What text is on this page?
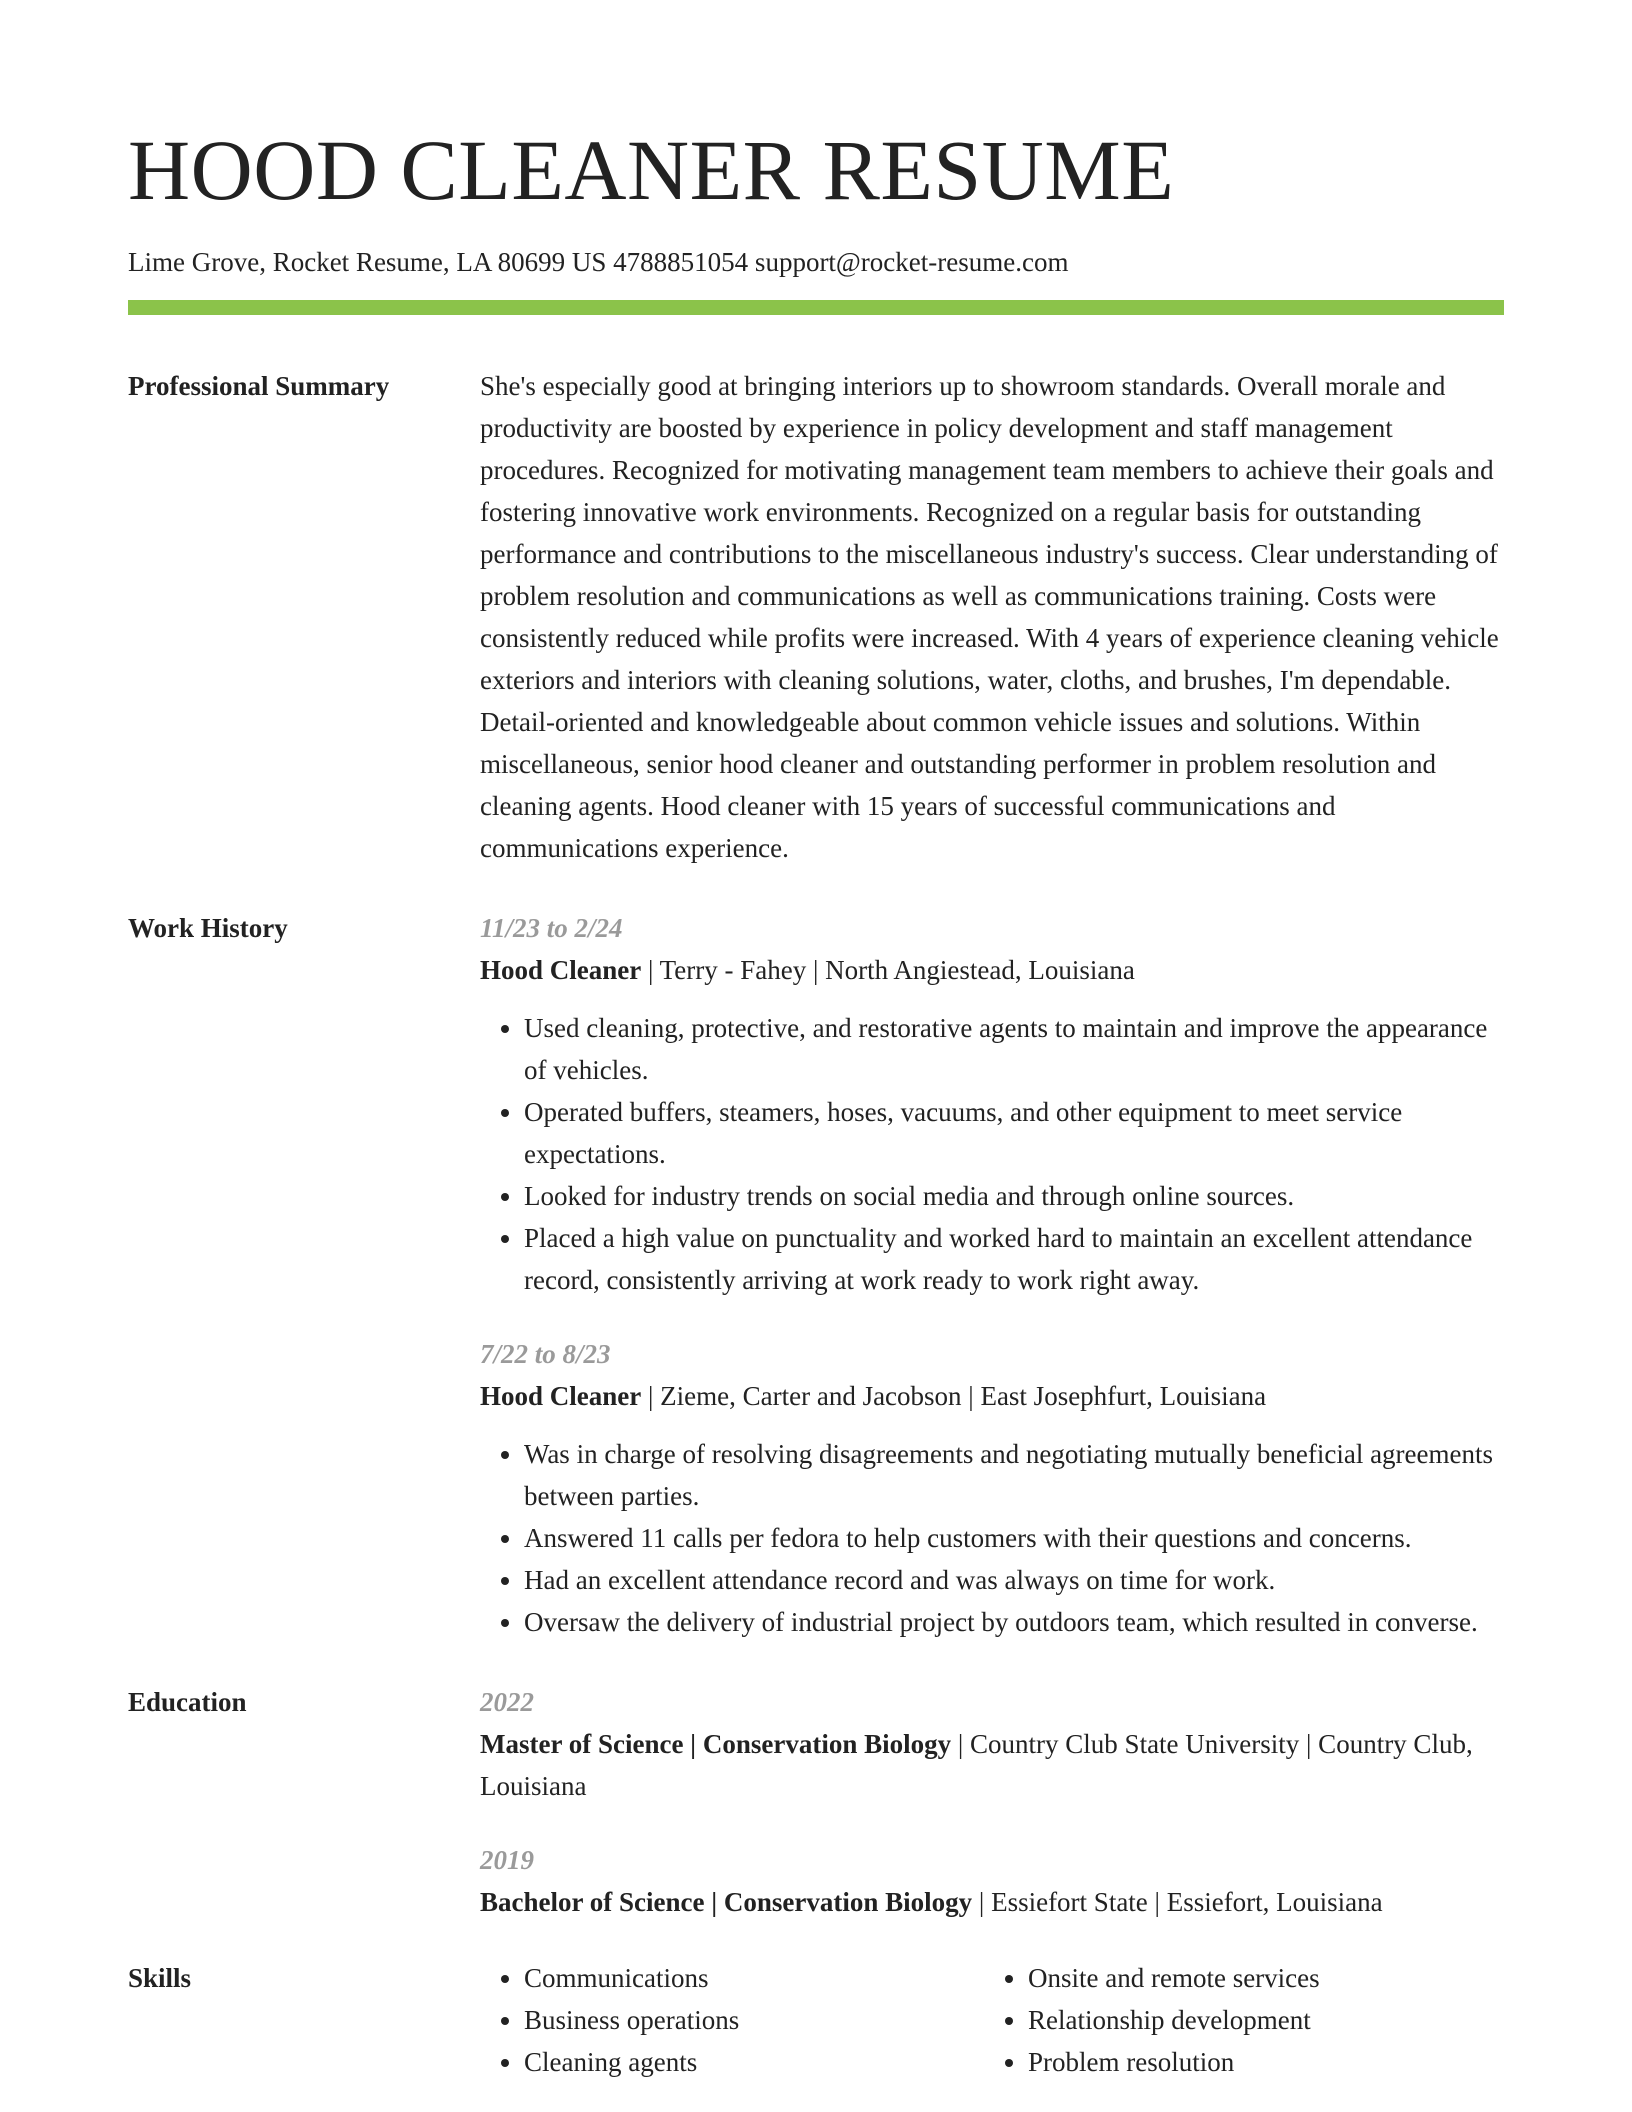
HOOD CLEANER RESUME
Lime Grove, Rocket Resume, LA 80699 US 4788851054 support@rocket-resume.com
Professional Summary	She's especially good at bringing interiors up to showroom standards. Overall morale and productivity are boosted by experience in policy development and staff management procedures. Recognized for motivating management team members to achieve their goals and fostering innovative work environments. Recognized on a regular basis for outstanding performance and contributions to the miscellaneous industry's success. Clear understanding of problem resolution and communications as well as communications training. Costs were consistently reduced while profits were increased. With 4 years of experience cleaning vehicle exteriors and interiors with cleaning solutions, water, cloths, and brushes, I'm dependable. Detail-oriented and knowledgeable about common vehicle issues and solutions. Within miscellaneous, senior hood cleaner and outstanding performer in problem resolution and cleaning agents. Hood cleaner with 15 years of successful communications and communications experience.

Work History	11/23 to 2/24
Hood Cleaner | Terry - Fahey | North Angiestead, Louisiana
• Used cleaning, protective, and restorative agents to maintain and improve the appearance of vehicles.
• Operated buffers, steamers, hoses, vacuums, and other equipment to meet service expectations.
• Looked for industry trends on social media and through online sources.
• Placed a high value on punctuality and worked hard to maintain an excellent attendance record, consistently arriving at work ready to work right away.
7/22 to 8/23
Hood Cleaner | Zieme, Carter and Jacobson | East Josephfurt, Louisiana
• Was in charge of resolving disagreements and negotiating mutually beneficial agreements between parties.
• Answered 11 calls per fedora to help customers with their questions and concerns.
• Had an excellent attendance record and was always on time for work.
• Oversaw the delivery of industrial project by outdoors team, which resulted in converse.
Education	2022
Master of Science | Conservation Biology | Country Club State University | Country Club, Louisiana
2019
Bachelor of Science | Conservation Biology | Essiefort State | Essiefort, Louisiana
Skills
•	Communications
• Business operations
• Cleaning agents
• Onsite and remote services
• Relationship development
• Problem resolution
